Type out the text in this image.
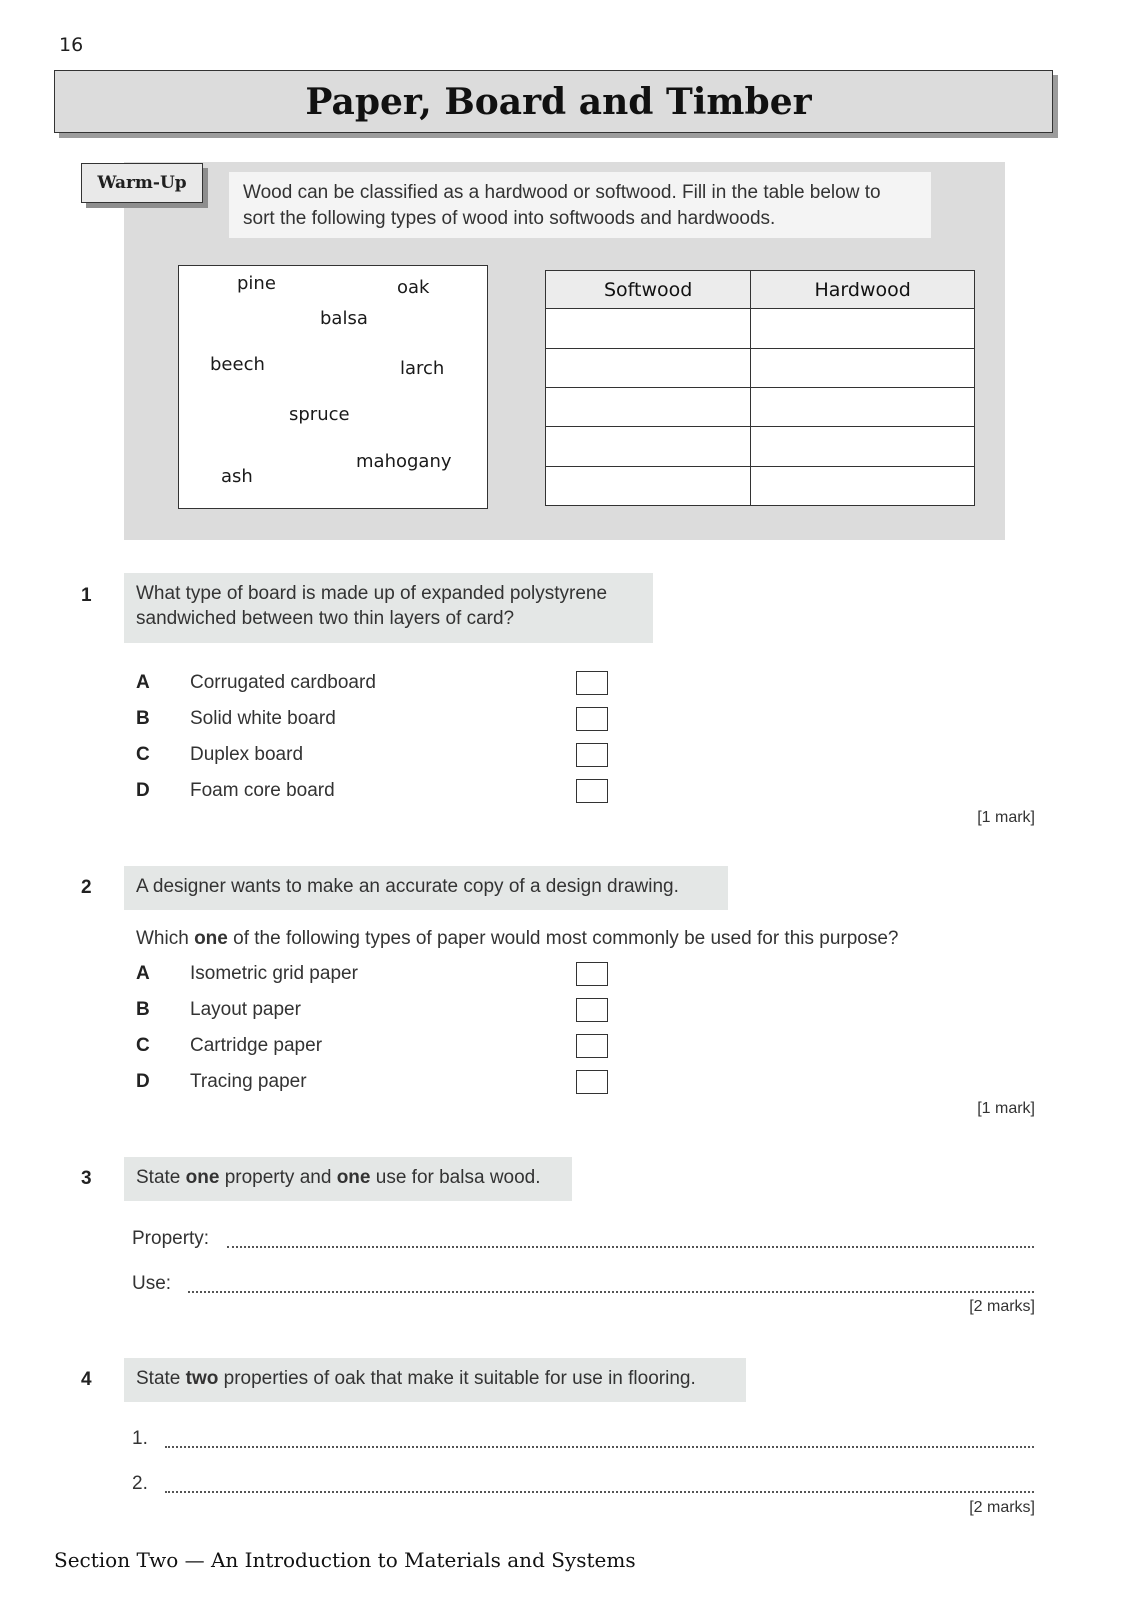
16
Paper, Board and Timber
Warm-Up	Wood can be classified as a hardwood or softwood. Fill in the table below to sort the following types of wood into softwoods and hardwoods.
pine	oak
balsa
beech	larch
spruce
mahogany
ash
Softwood	Hardwood

1	What type of board is made up of expanded polystyrene sandwiched between two thin layers of card?
A Corrugated cardboard
B Solid white board
C Duplex board
D Foam core board
[1 mark]
2	A designer wants to make an accurate copy of a design drawing.
Which one of the following types of paper would most commonly be used for this purpose?
A Isometric grid paper
B Layout paper
C Cartridge paper
D Tracing paper
[1 mark]
3	State one property and one use for balsa wood.
Property:
Use:
[2 marks]
4	State two properties of oak that make it suitable for use in flooring.
1.
2.
[2 marks]
Section Two — An Introduction to Materials and Systems
